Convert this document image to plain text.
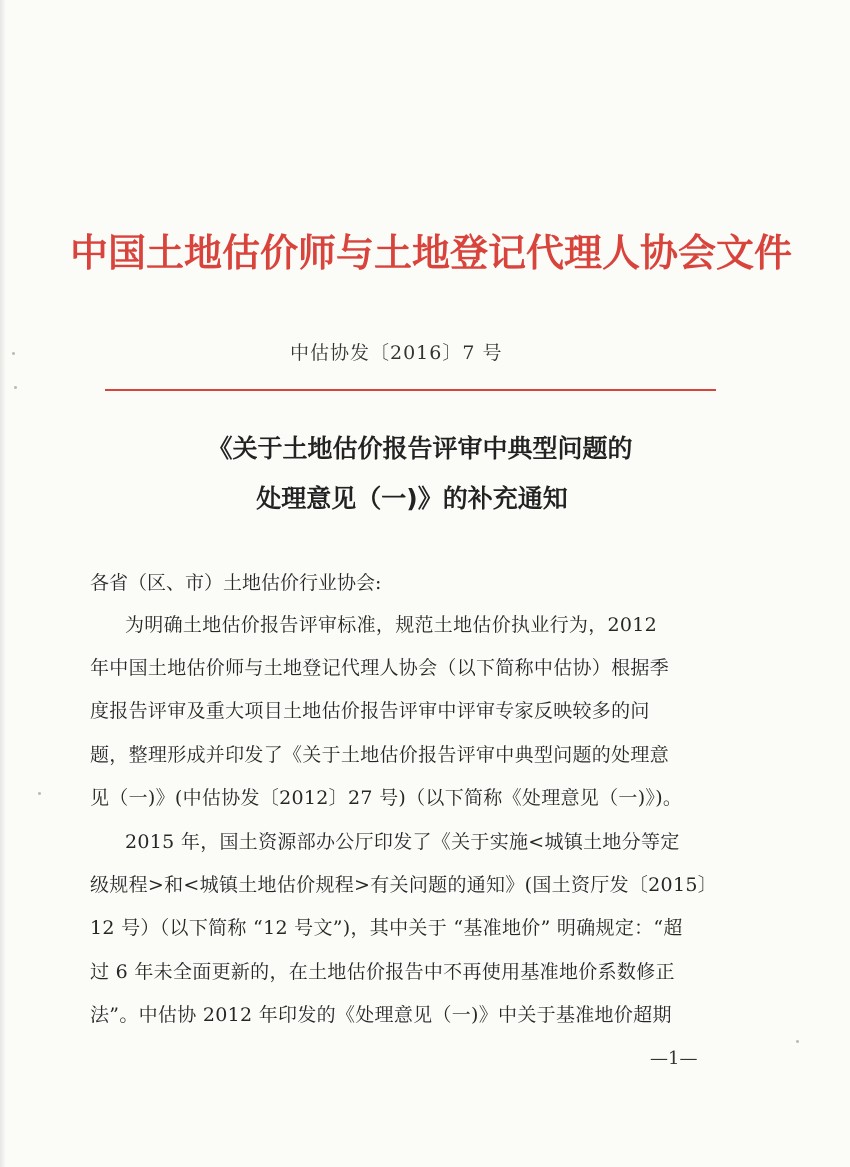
中国土地估价师与土地登记代理人协会文件
中估协发〔2016〕7 号
《关于土地估价报告评审中典型问题的
处理意见（一)》的补充通知
各省（区、市）土地估价行业协会:
为明确土地估价报告评审标准，规范土地估价执业行为，2012
年中国土地估价师与土地登记代理人协会（以下简称中估协）根据季
度报告评审及重大项目土地估价报告评审中评审专家反映较多的问
题，整理形成并印发了《关于土地估价报告评审中典型问题的处理意
见（一)》(中估协发〔2012〕27 号)（以下简称《处理意见（一)》)。
2015 年，国土资源部办公厅印发了《关于实施<城镇土地分等定
级规程>和<城镇土地估价规程>有关问题的通知》(国土资厅发〔2015〕
12 号）（以下简称 “12 号文”)，其中关于 “基准地价” 明确规定：“超
过 6 年未全面更新的，在土地估价报告中不再使用基准地价系数修正
法”。中估协 2012 年印发的《处理意见（一)》中关于基准地价超期
—1—
